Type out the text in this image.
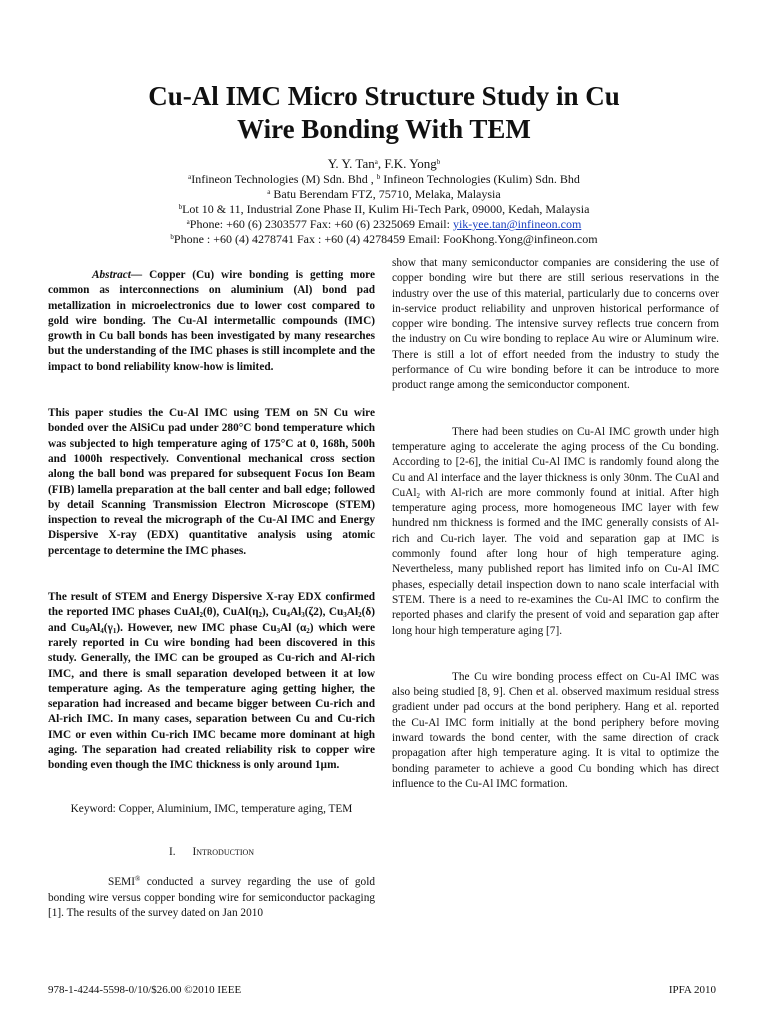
Cu-Al IMC Micro Structure Study in Cu
Wire Bonding With TEM
Y. Y. Tan$^a$, F.K. Yong$^b$
$^a$Infineon Technologies (M) Sdn. Bhd , $^b$ Infineon Technologies (Kulim) Sdn. Bhd
$^a$ Batu Berendam FTZ, 75710, Melaka, Malaysia
$^b$Lot 10 & 11, Industrial Zone Phase II, Kulim Hi-Tech Park, 09000, Kedah, Malaysia
$^a$Phone: +60 (6) 2303577 Fax: +60 (6) 2325069 Email: yik-yee.tan@infineon.com
$^b$Phone : +60 (4) 4278741 Fax : +60 (4) 4278459 Email: FooKhong.Yong@infineon.com

Abstract— Copper (Cu) wire bonding is getting more common as interconnections on aluminium (Al) bond pad metallization in microelectronics due to lower cost compared to gold wire bonding. The Cu-Al intermetallic compounds (IMC) growth in Cu ball bonds has been investigated by many researches but the understanding of the IMC phases is still incomplete and the impact to bond reliability know-how is limited.

This paper studies the Cu-Al IMC using TEM on 5N Cu wire bonded over the AlSiCu pad under 280°C bond temperature which was subjected to high temperature aging of 175°C at 0, 168h, 500h and 1000h respectively. Conventional mechanical cross section along the ball bond was prepared for subsequent Focus Ion Beam (FIB) lamella preparation at the ball center and ball edge; followed by detail Scanning Transmission Electron Microscope (STEM) inspection to reveal the micrograph of the Cu-Al IMC and Energy Dispersive X-ray (EDX) quantitative analysis using atomic percentage to determine the IMC phases.

The result of STEM and Energy Dispersive X-ray EDX confirmed the reported IMC phases CuAl$_2$(θ), $CuAl(\eta_2)$, $Cu_4Al_3(\zeta 2)$, $Cu_3Al_2(\delta)$ and $Cu_9Al_4(\gamma_1)$. However, new IMC phase $Cu_3Al$ $(\alpha_2)$ which were rarely reported in Cu wire bonding had been discovered in this study. Generally, the IMC can be grouped as Cu-rich and Al-rich IMC, and there is small separation developed between it at low temperature aging. As the temperature aging getting higher, the separation had increased and became bigger between Cu-rich and Al-rich IMC. In many cases, separation between Cu and Cu-rich IMC or even within Cu-rich IMC became more dominant at high aging. The separation had created reliability risk to copper wire bonding even though the IMC thickness is only around 1µm.

Keyword: Copper, Aluminium, IMC, temperature aging, TEM

I. Introduction

SEMI® conducted a survey regarding the use of gold bonding wire versus copper bonding wire for semiconductor packaging [1]. The results of the survey dated on Jan 2010

show that many semiconductor companies are considering the use of copper bonding wire but there are still serious reservations in the industry over the use of this material, particularly due to concerns over in-service product reliability and unproven historical performance of copper wire bonding. The intensive survey reflects true concern from the industry on Cu wire bonding to replace Au wire or Aluminum wire. There is still a lot of effort needed from the industry to study the performance of Cu wire bonding before it can be introduce to more product range among the semiconductor component.

There had been studies on Cu-Al IMC growth under high temperature aging to accelerate the aging process of the Cu bonding. According to [2-6], the initial Cu-Al IMC is randomly found along the Cu and Al interface and the layer thickness is only 30nm. The CuAl and CuAl$_2$ with Al-rich are more commonly found at initial. After high temperature aging process, more homogeneous IMC layer with few hundred nm thickness is formed and the IMC generally consists of Al-rich and Cu-rich layer. The void and separation gap at IMC is commonly found after long hour of high temperature aging. Nevertheless, many published report has limited info on Cu-Al IMC phases, especially detail inspection down to nano scale interfacial with STEM. There is a need to re-examines the Cu-Al IMC to confirm the reported phases and clarify the present of void and separation gap after long hour high temperature aging [7].

The Cu wire bonding process effect on Cu-Al IMC was also being studied [8, 9]. Chen et al. observed maximum residual stress gradient under pad occurs at the bond periphery. Hang et al. reported the Cu-Al IMC form initially at the bond periphery before moving inward towards the bond center, with the same direction of crack propagation after high temperature aging. It is vital to optimize the bonding parameter to achieve a good Cu bonding which has direct influence to the Cu-Al IMC formation.

978-1-4244-5598-0/10/$26.00 ©2010 IEEE	IPFA 2010
